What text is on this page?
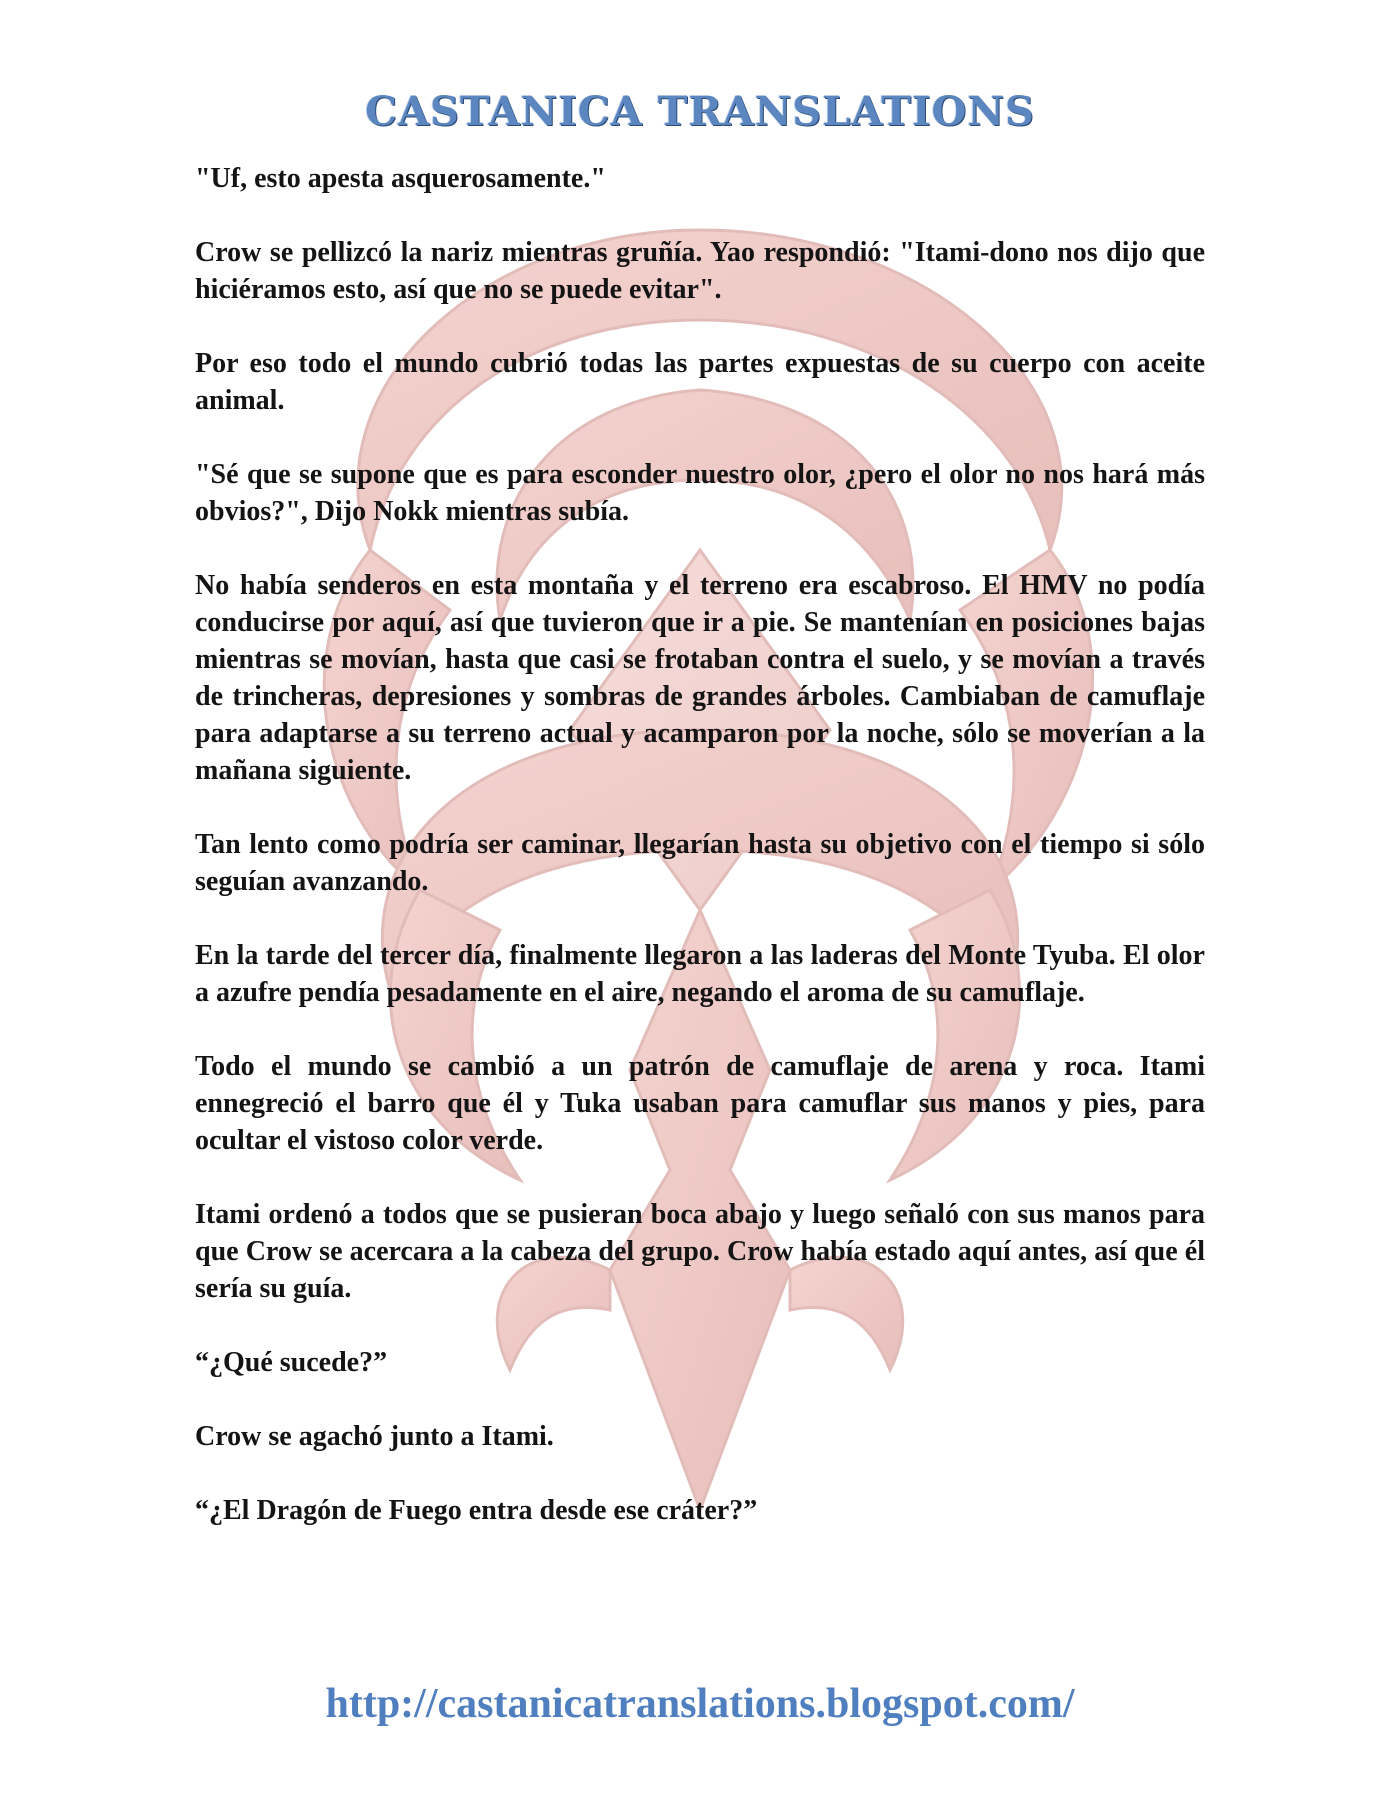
CASTANICA TRANSLATIONS

"Uf, esto apesta asquerosamente."

Crow se pellizcó la nariz mientras gruñía. Yao respondió: "Itami-dono nos dijo que hiciéramos esto, así que no se puede evitar".

Por eso todo el mundo cubrió todas las partes expuestas de su cuerpo con aceite animal.

"Sé que se supone que es para esconder nuestro olor, ¿pero el olor no nos hará más obvios?", Dijo Nokk mientras subía.

No había senderos en esta montaña y el terreno era escabroso. El HMV no podía conducirse por aquí, así que tuvieron que ir a pie. Se mantenían en posiciones bajas mientras se movían, hasta que casi se frotaban contra el suelo, y se movían a través de trincheras, depresiones y sombras de grandes árboles. Cambiaban de camuflaje para adaptarse a su terreno actual y acamparon por la noche, sólo se moverían a la mañana siguiente.

Tan lento como podría ser caminar, llegarían hasta su objetivo con el tiempo si sólo seguían avanzando.

En la tarde del tercer día, finalmente llegaron a las laderas del Monte Tyuba. El olor a azufre pendía pesadamente en el aire, negando el aroma de su camuflaje.

Todo el mundo se cambió a un patrón de camuflaje de arena y roca. Itami ennegreció el barro que él y Tuka usaban para camuflar sus manos y pies, para ocultar el vistoso color verde.

Itami ordenó a todos que se pusieran boca abajo y luego señaló con sus manos para que Crow se acercara a la cabeza del grupo. Crow había estado aquí antes, así que él sería su guía.

“¿Qué sucede?”

Crow se agachó junto a Itami.

“¿El Dragón de Fuego entra desde ese cráter?”

http://castanicatranslations.blogspot.com/
